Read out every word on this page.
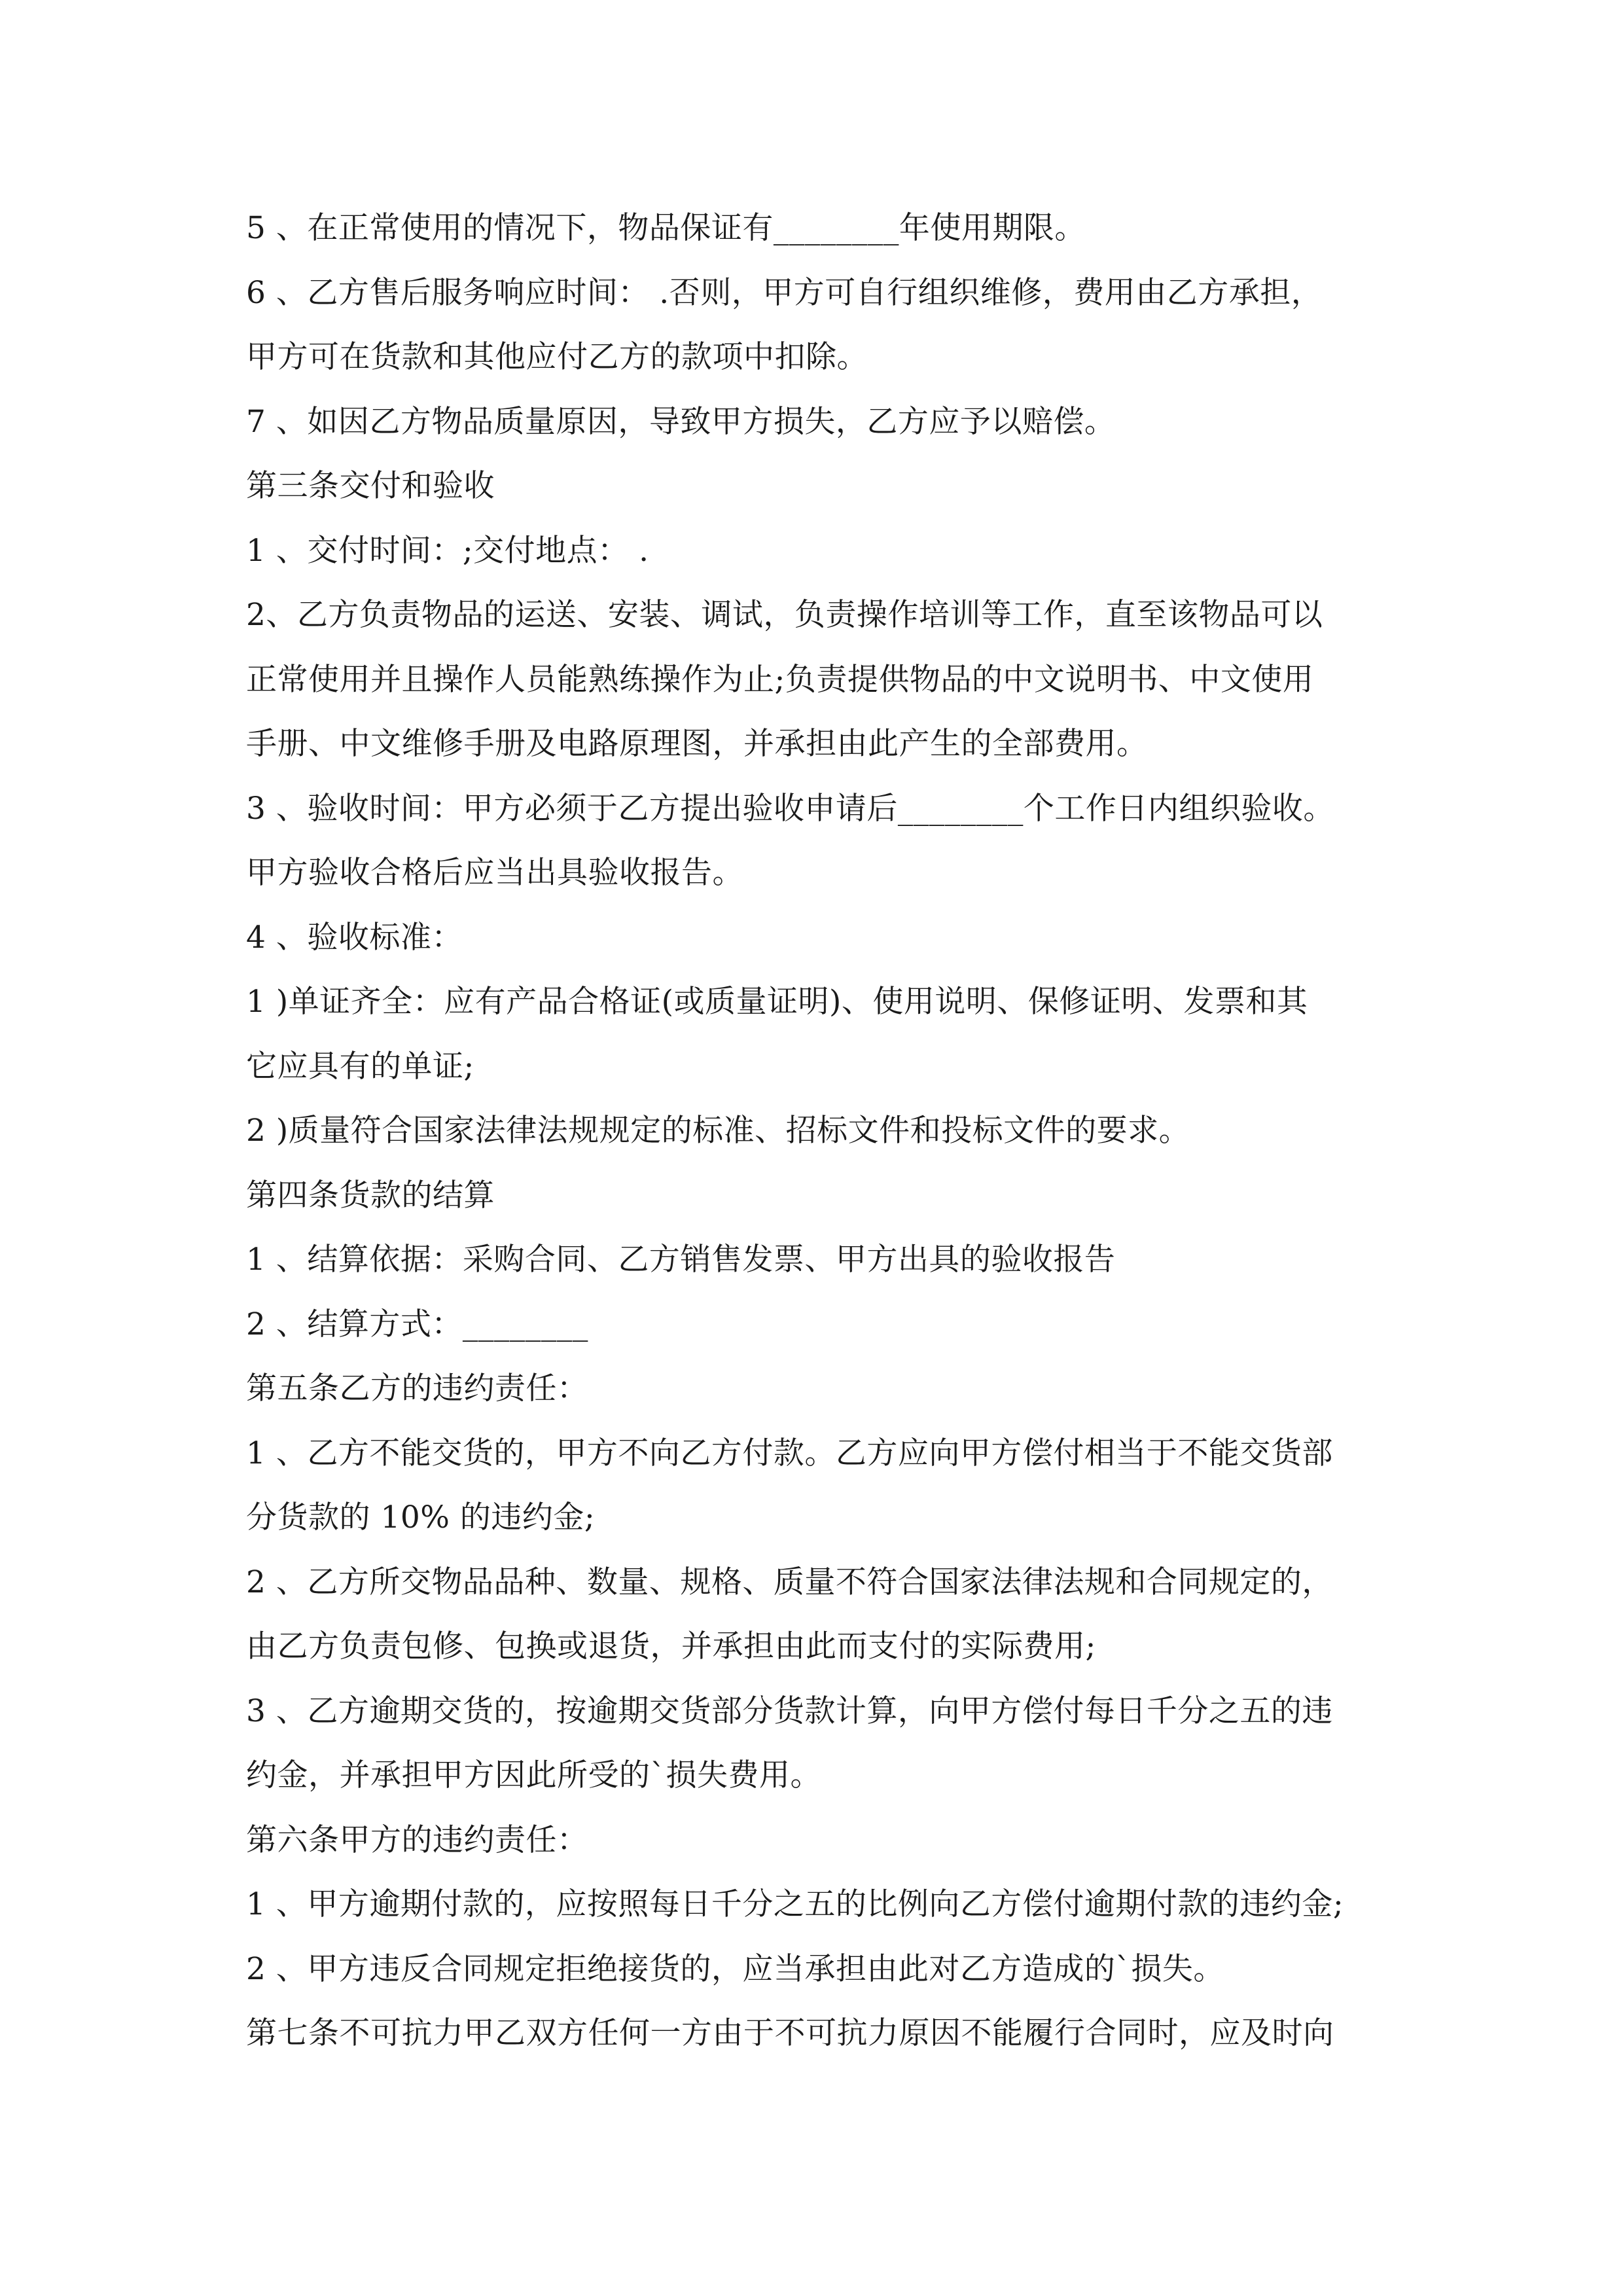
5 、在正常使用的情况下，物品保证有________年使用期限。

6 、乙方售后服务响应时间： .否则，甲方可自行组织维修，费用由乙方承担，

甲方可在货款和其他应付乙方的款项中扣除。

7 、如因乙方物品质量原因，导致甲方损失，乙方应予以赔偿。

第三条交付和验收

1 、交付时间：;交付地点： .

2、乙方负责物品的运送、安装、调试，负责操作培训等工作，直至该物品可以

正常使用并且操作人员能熟练操作为止;负责提供物品的中文说明书、中文使用

手册、中文维修手册及电路原理图，并承担由此产生的全部费用。

3 、验收时间：甲方必须于乙方提出验收申请后________个工作日内组织验收。

甲方验收合格后应当出具验收报告。

4 、验收标准：

1 )单证齐全：应有产品合格证(或质量证明)、使用说明、保修证明、发票和其

它应具有的单证;

2 )质量符合国家法律法规规定的标准、招标文件和投标文件的要求。

第四条货款的结算

1 、结算依据：采购合同、乙方销售发票、甲方出具的验收报告

2 、结算方式：________

第五条乙方的违约责任：

1 、乙方不能交货的，甲方不向乙方付款。乙方应向甲方偿付相当于不能交货部

分货款的 10% 的违约金;

2 、乙方所交物品品种、数量、规格、质量不符合国家法律法规和合同规定的，

由乙方负责包修、包换或退货，并承担由此而支付的实际费用;

3 、乙方逾期交货的，按逾期交货部分货款计算，向甲方偿付每日千分之五的违

约金，并承担甲方因此所受的`损失费用。

第六条甲方的违约责任：

1 、甲方逾期付款的，应按照每日千分之五的比例向乙方偿付逾期付款的违约金;

2 、甲方违反合同规定拒绝接货的，应当承担由此对乙方造成的`损失。

第七条不可抗力甲乙双方任何一方由于不可抗力原因不能履行合同时，应及时向
